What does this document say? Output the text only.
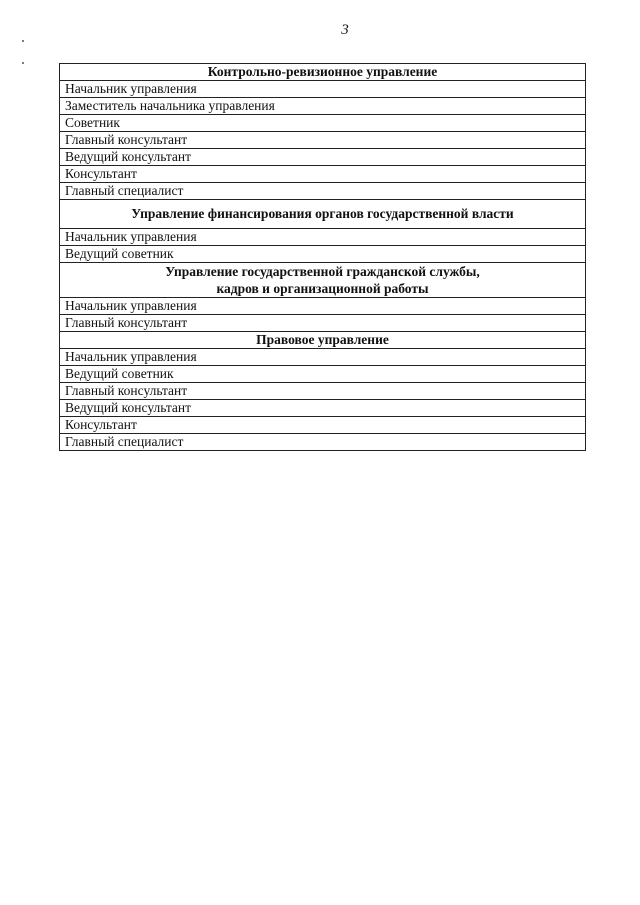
3
Контрольно-ревизионное управление
Начальник управления
Заместитель начальника управления
Советник
Главный консультант
Ведущий консультант
Консультант
Главный специалист
Управление финансирования органов государственной власти
Начальник управления
Ведущий советник

Управление государственной гражданской службы,
кадров и организационной работы

Начальник управления
Главный консультант
Правовое управление
Начальник управления
Ведущий советник
Главный консультант
Ведущий консультант
Консультант
Главный специалист
